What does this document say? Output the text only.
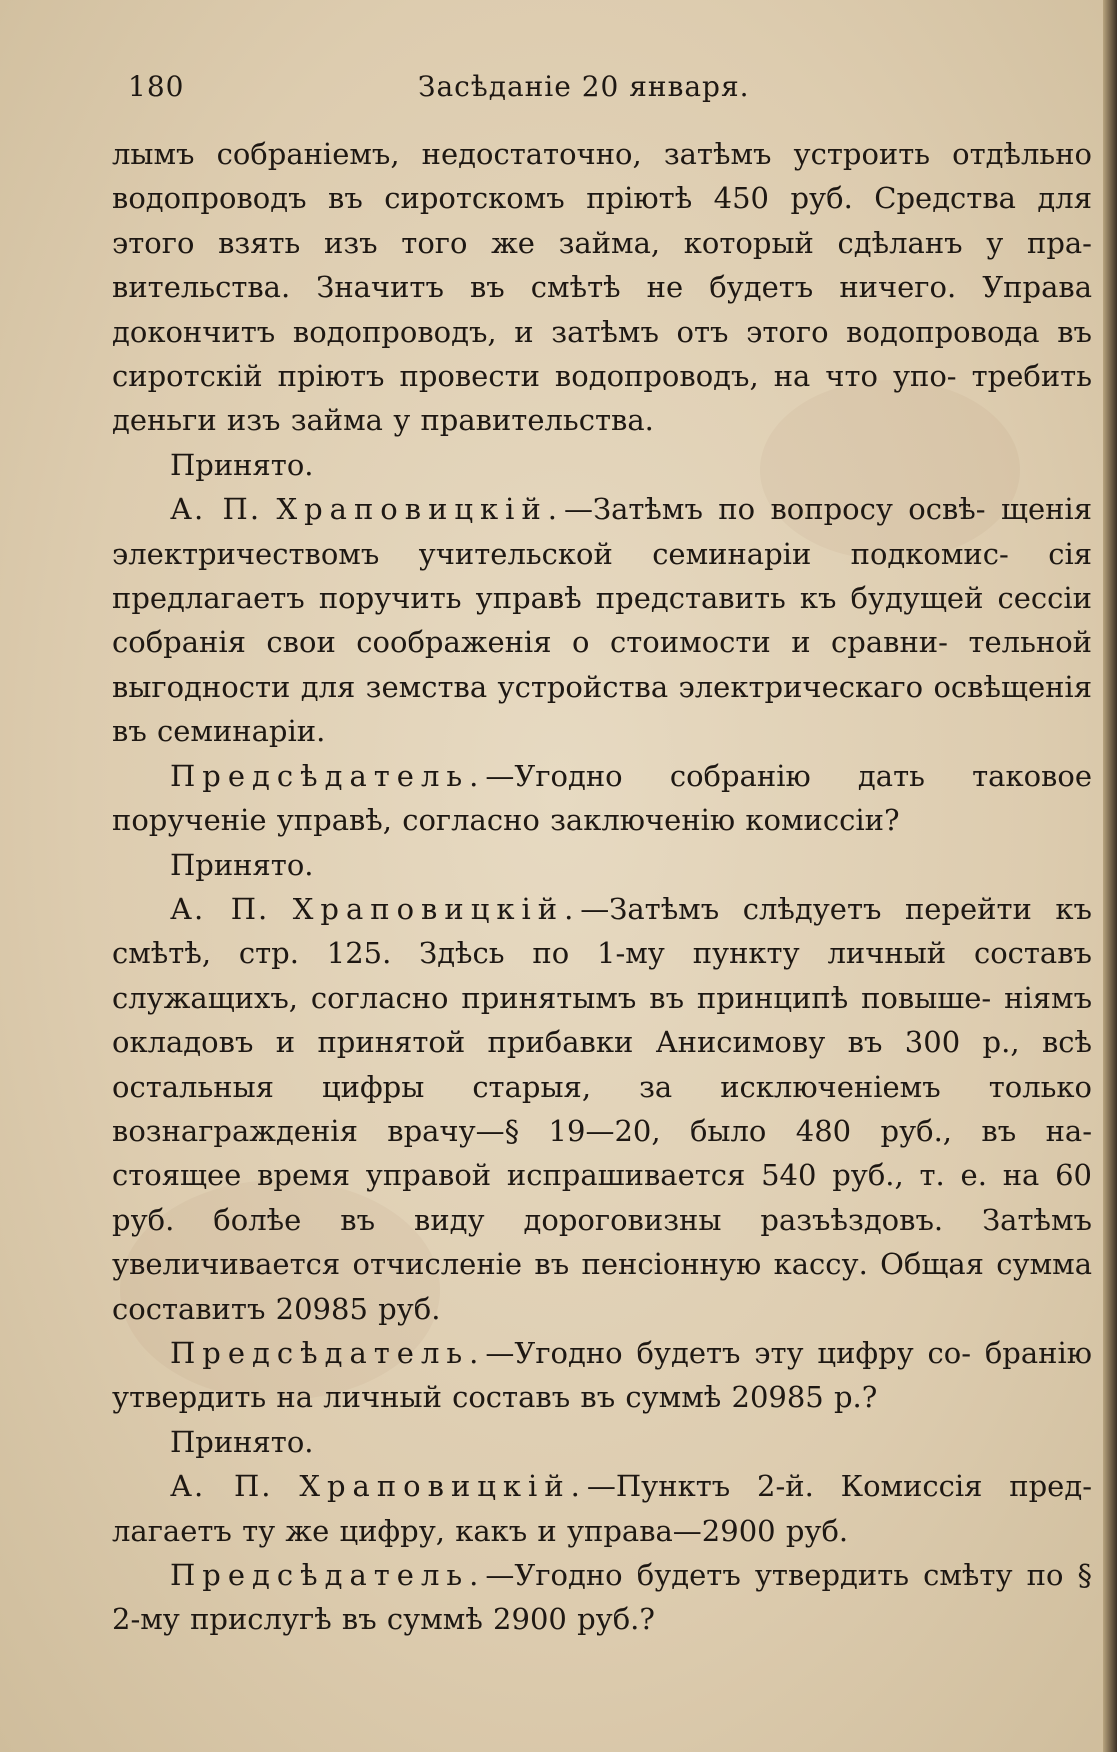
180	Засѣданіе 20 января.

лымъ собраніемъ, недостаточно, затѣмъ устроить отдѣльно водопроводъ въ сиротскомъ пріютѣ 450 руб. Средства для этого взять изъ того же займа, который сдѣланъ у пра- вительства. Значитъ въ смѣтѣ не будетъ ничего. Управа докончитъ водопроводъ, и затѣмъ отъ этого водопровода въ сиротскій пріютъ провести водопроводъ, на что упо- требить деньги изъ займа у правительства.

Принято.

А. П. Храповицкій.—Затѣмъ по вопросу освѣ- щенія электричествомъ учительской семинаріи подкомис- сія предлагаетъ поручить управѣ представить къ будущей сессіи собранія свои соображенія о стоимости и сравни- тельной выгодности для земства устройства электрическаго освѣщенія въ семинаріи.

Предсѣдатель.—Угодно собранію дать таковое порученіе управѣ, согласно заключенію комиссіи?

Принято.

А. П. Храповицкій.—Затѣмъ слѣдуетъ перейти къ смѣтѣ, стр. 125. Здѣсь по 1-му пункту личный составъ служащихъ, согласно принятымъ въ принципѣ повыше- ніямъ окладовъ и принятой прибавки Анисимову въ 300 р., всѣ остальныя цифры старыя, за исключеніемъ только вознагражденія врачу—§ 19—20, было 480 руб., въ на- стоящее время управой испрашивается 540 руб., т. е. на 60 руб. болѣе въ виду дороговизны разъѣздовъ. Затѣмъ увеличивается отчисленіе въ пенсіонную кассу. Общая сумма составитъ 20985 руб.

Предсѣдатель.—Угодно будетъ эту цифру со- бранію утвердить на личный составъ въ суммѣ 20985 р.?

Принято.

А. П. Храповицкій.—Пунктъ 2-й. Комиссія пред- лагаетъ ту же цифру, какъ и управа—2900 руб.

Предсѣдатель.—Угодно будетъ утвердить смѣту по § 2-му прислугѣ въ суммѣ 2900 руб.?
